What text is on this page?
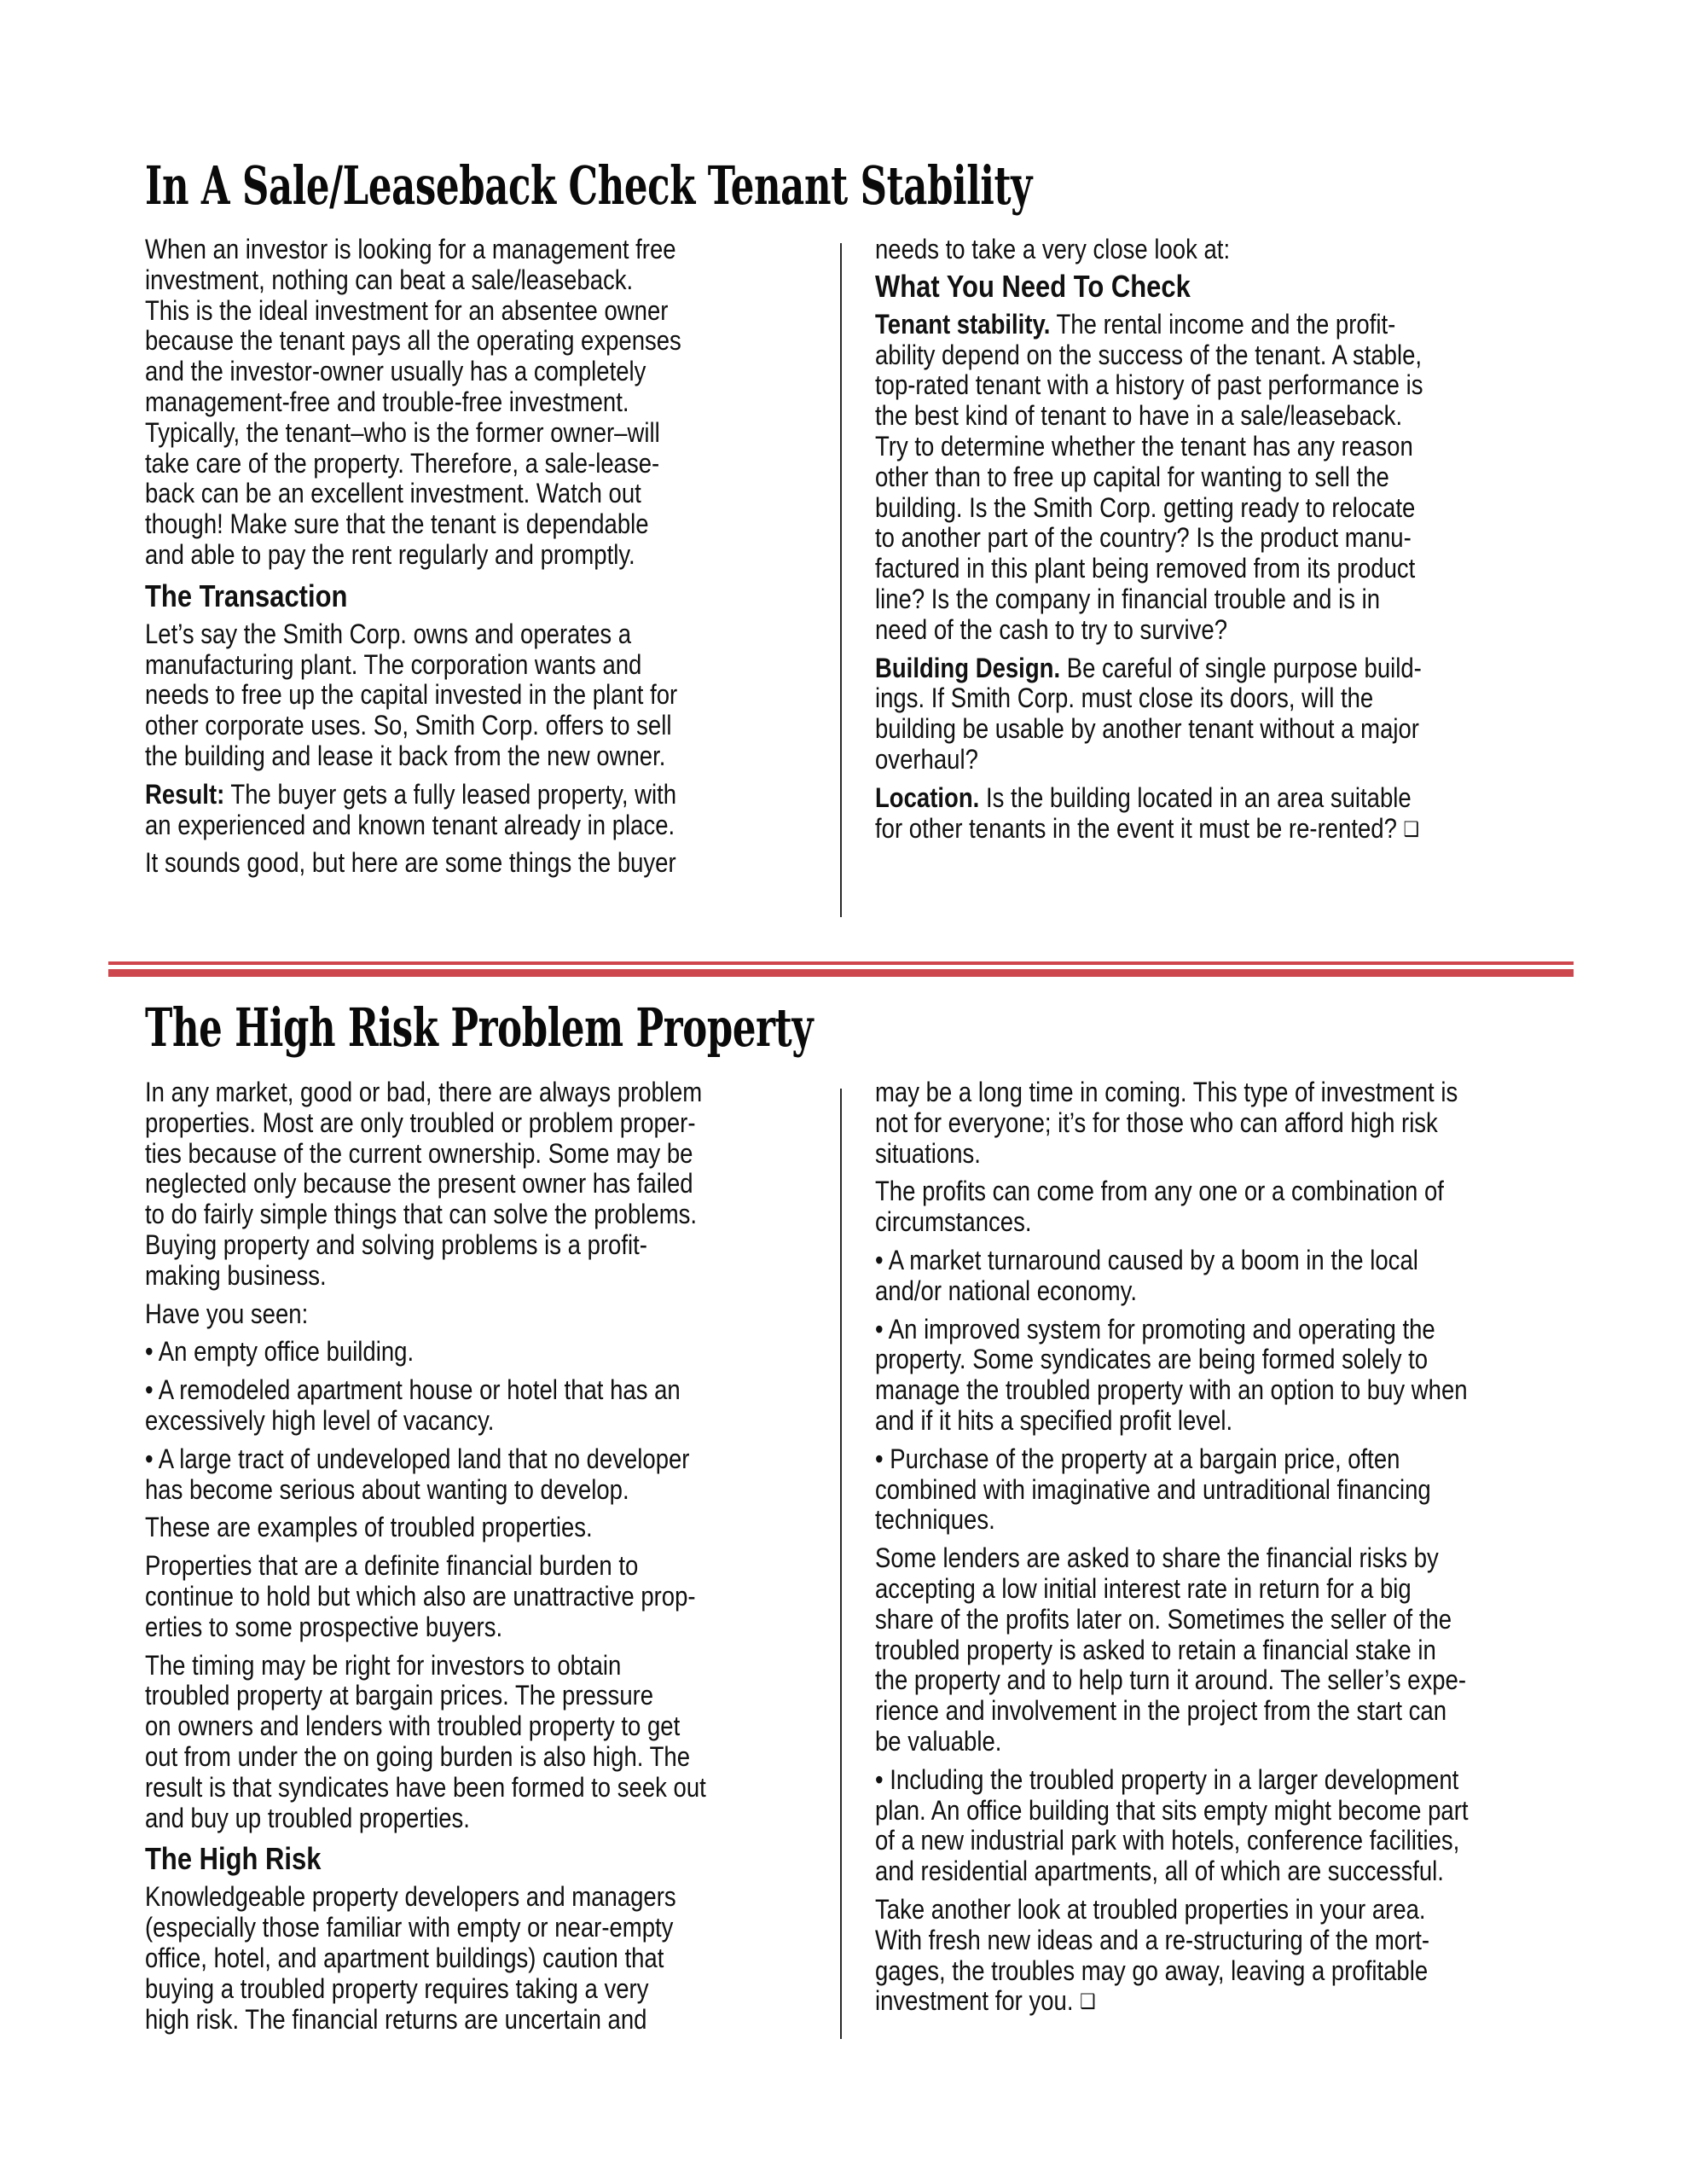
In A Sale/Leaseback Check Tenant Stability

When an investor is looking for a management free
investment, nothing can beat a sale/leaseback.
This is the ideal investment for an absentee owner
because the tenant pays all the operating expenses
and the investor-owner usually has a completely
management-free and trouble-free investment.
Typically, the tenant–who is the former owner–will
take care of the property. Therefore, a sale-lease-
back can be an excellent investment. Watch out
though! Make sure that the tenant is dependable
and able to pay the rent regularly and promptly.

The Transaction

Let’s say the Smith Corp. owns and operates a
manufacturing plant. The corporation wants and
needs to free up the capital invested in the plant for
other corporate uses. So, Smith Corp. offers to sell
the building and lease it back from the new owner.

Result: The buyer gets a fully leased property, with
an experienced and known tenant already in place.

It sounds good, but here are some things the buyer

needs to take a very close look at:

What You Need To Check

Tenant stability. The rental income and the profit-
ability depend on the success of the tenant. A stable,
top-rated tenant with a history of past performance is
the best kind of tenant to have in a sale/leaseback.
Try to determine whether the tenant has any reason
other than to free up capital for wanting to sell the
building. Is the Smith Corp. getting ready to relocate
to another part of the country? Is the product manu-
factured in this plant being removed from its product
line? Is the company in financial trouble and is in
need of the cash to try to survive?

Building Design. Be careful of single purpose build-
ings. If Smith Corp. must close its doors, will the
building be usable by another tenant without a major
overhaul?

Location. Is the building located in an area suitable
for other tenants in the event it must be re-rented? ❑

The High Risk Problem Property

In any market, good or bad, there are always problem
properties. Most are only troubled or problem proper-
ties because of the current ownership. Some may be
neglected only because the present owner has failed
to do fairly simple things that can solve the problems.
Buying property and solving problems is a profit-
making business.

Have you seen:

• An empty office building.

• A remodeled apartment house or hotel that has an
excessively high level of vacancy.

• A large tract of undeveloped land that no developer
has become serious about wanting to develop.

These are examples of troubled properties.

Properties that are a definite financial burden to
continue to hold but which also are unattractive prop-
erties to some prospective buyers.

The timing may be right for investors to obtain
troubled property at bargain prices. The pressure
on owners and lenders with troubled property to get
out from under the on going burden is also high. The
result is that syndicates have been formed to seek out
and buy up troubled properties.

The High Risk

Knowledgeable property developers and managers
(especially those familiar with empty or near-empty
office, hotel, and apartment buildings) caution that
buying a troubled property requires taking a very
high risk. The financial returns are uncertain and

may be a long time in coming. This type of investment is
not for everyone; it’s for those who can afford high risk
situations.

The profits can come from any one or a combination of
circumstances.

• A market turnaround caused by a boom in the local
and/or national economy.

• An improved system for promoting and operating the
property. Some syndicates are being formed solely to
manage the troubled property with an option to buy when
and if it hits a specified profit level.

• Purchase of the property at a bargain price, often
combined with imaginative and untraditional financing
techniques.

Some lenders are asked to share the financial risks by
accepting a low initial interest rate in return for a big
share of the profits later on. Sometimes the seller of the
troubled property is asked to retain a financial stake in
the property and to help turn it around. The seller’s expe-
rience and involvement in the project from the start can
be valuable.

• Including the troubled property in a larger development
plan. An office building that sits empty might become part
of a new industrial park with hotels, conference facilities,
and residential apartments, all of which are successful.

Take another look at troubled properties in your area.
With fresh new ideas and a re-structuring of the mort-
gages, the troubles may go away, leaving a profitable
investment for you. ❑
